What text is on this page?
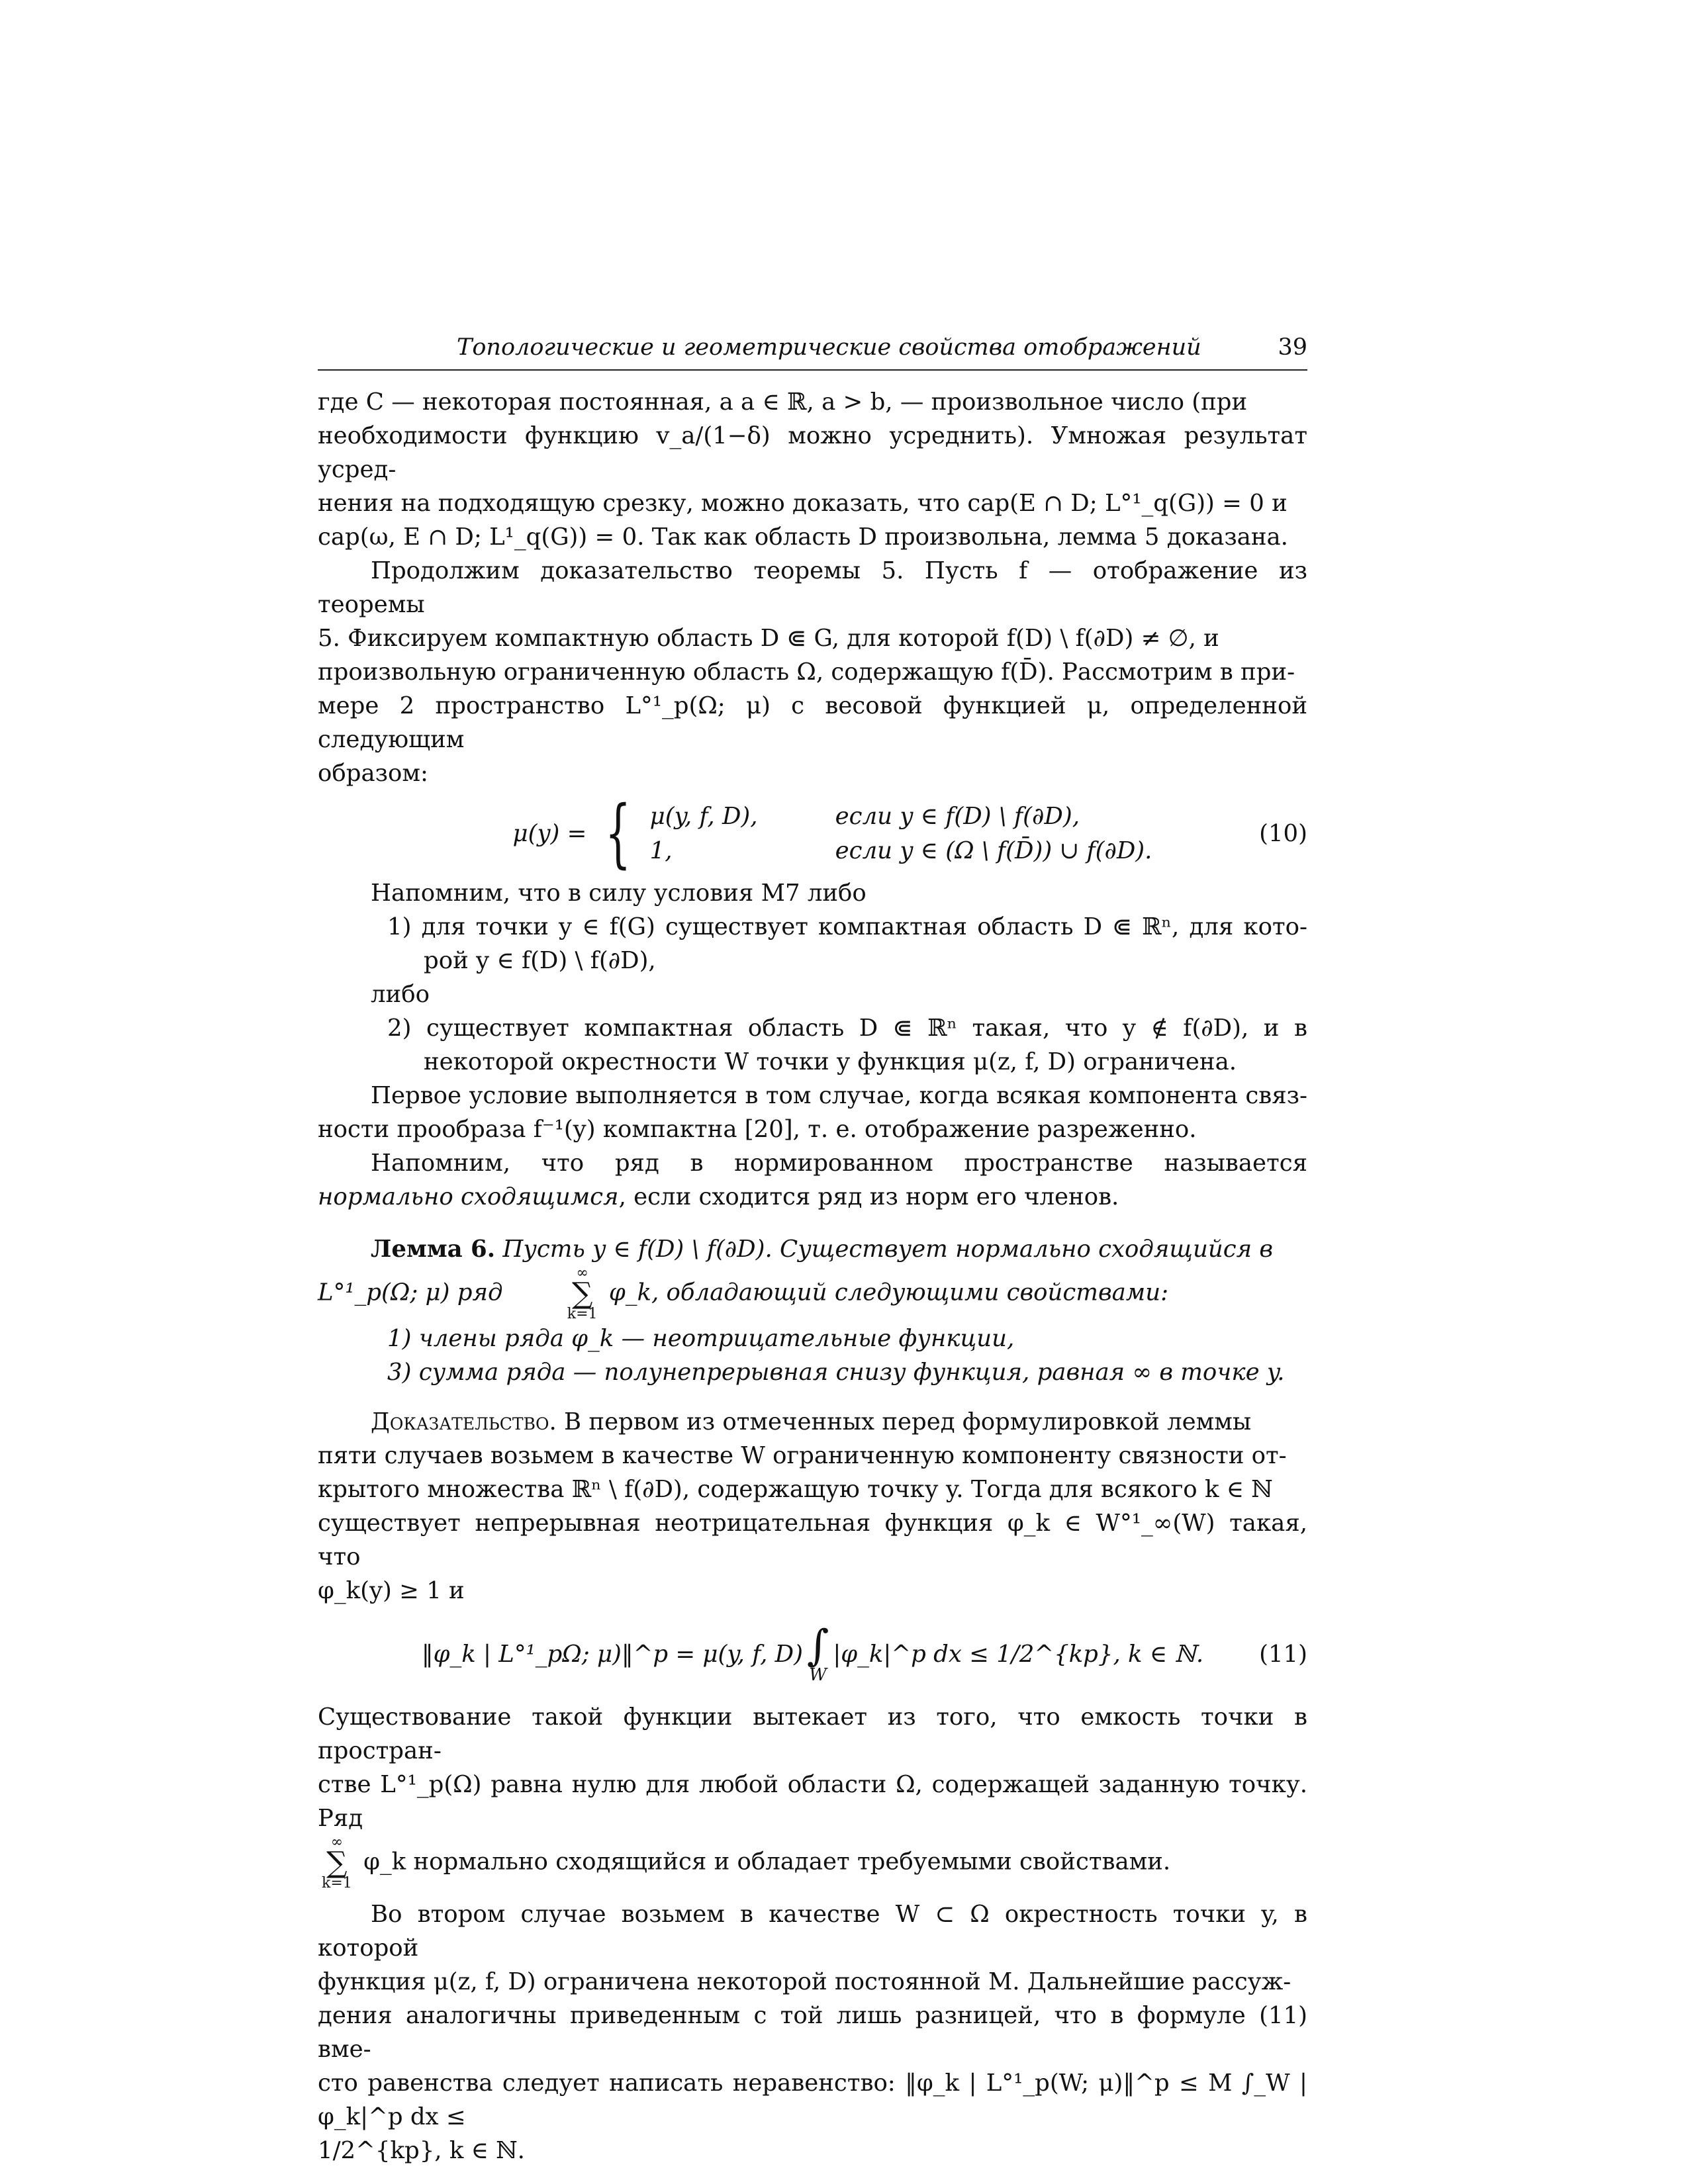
Топологические и геометрические свойства отображений	39

где C — некоторая постоянная, а a ∈ ℝ, a > b, — произвольное число (при
необходимости функцию v_a/(1−δ) можно усреднить). Умножая результат усред-
нения на подходящую срезку, можно доказать, что cap(E ∩ D; L°¹_q(G)) = 0 и
cap(ω, E ∩ D; L¹_q(G)) = 0. Так как область D произвольна, лемма 5 доказана.

Продолжим доказательство теоремы 5. Пусть f — отображение из теоремы
5. Фиксируем компактную область D ⋐ G, для которой f(D) \ f(∂D) ≠ ∅, и
произвольную ограниченную область Ω, содержащую f(D̄). Рассмотрим в при-
мере 2 пространство L°¹_p(Ω; μ) с весовой функцией μ, определенной следующим
образом:

μ(y) = { μ(y, f, D),	если y ∈ f(D) \ f(∂D),
1,	если y ∈ (Ω \ f(D̄)) ∪ f(∂D).
(10)

Напомним, что в силу условия M7 либо

1) для точки y ∈ f(G) существует компактная область D ⋐ ℝⁿ, для кото- рой y ∈ f(D) \ f(∂D),

либо

2) существует компактная область D ⋐ ℝⁿ такая, что y ∉ f(∂D), и в некоторой окрестности W точки y функция μ(z, f, D) ограничена.

Первое условие выполняется в том случае, когда всякая компонента связ- ности прообраза f⁻¹(y) компактна [20], т. е. отображение разреженно.

Напомним, что ряд в нормированном пространстве называется нормально сходящимся, если сходится ряд из норм его членов.

Лемма 6. Пусть y ∈ f(D) \ f(∂D). Существует нормально сходящийся в
L°¹_p(Ω; μ) ряд
∞
∑
k=1
φ_k, обладающий следующими свойствами:

1) члены ряда φ_k — неотрицательные функции,
3) сумма ряда — полунепрерывная снизу функция, равная ∞ в точке y.

Доказательство. В первом из отмеченных перед формулировкой леммы
пяти случаев возьмем в качестве W ограниченную компоненту связности от-
крытого множества ℝⁿ \ f(∂D), содержащую точку y. Тогда для всякого k ∈ ℕ
существует непрерывная неотрицательная функция φ_k ∈ W°¹_∞(W) такая, что
φ_k(y) ≥ 1 и

‖φ_k | L°¹_pΩ; μ)‖^p = μ(y, f, D) ∫
W
|φ_k|^p dx ≤ 1/2^{kp}, k ∈ ℕ. (11)

Существование такой функции вытекает из того, что емкость точки в простран-
стве L°¹_p(Ω) равна нулю для любой области Ω, содержащей заданную точку. Ряд

∞
∑
k=1
φ_k нормально сходящийся и обладает требуемыми свойствами.

Во втором случае возьмем в качестве W ⊂ Ω окрестность точки y, в которой
функция μ(z, f, D) ограничена некоторой постоянной M. Дальнейшие рассуж-
дения аналогичны приведенным с той лишь разницей, что в формуле (11) вме-
сто равенства следует написать неравенство: ‖φ_k | L°¹_p(W; μ)‖^p ≤ M ∫_W |φ_k|^p dx ≤
1/2^{kp}, k ∈ ℕ.
